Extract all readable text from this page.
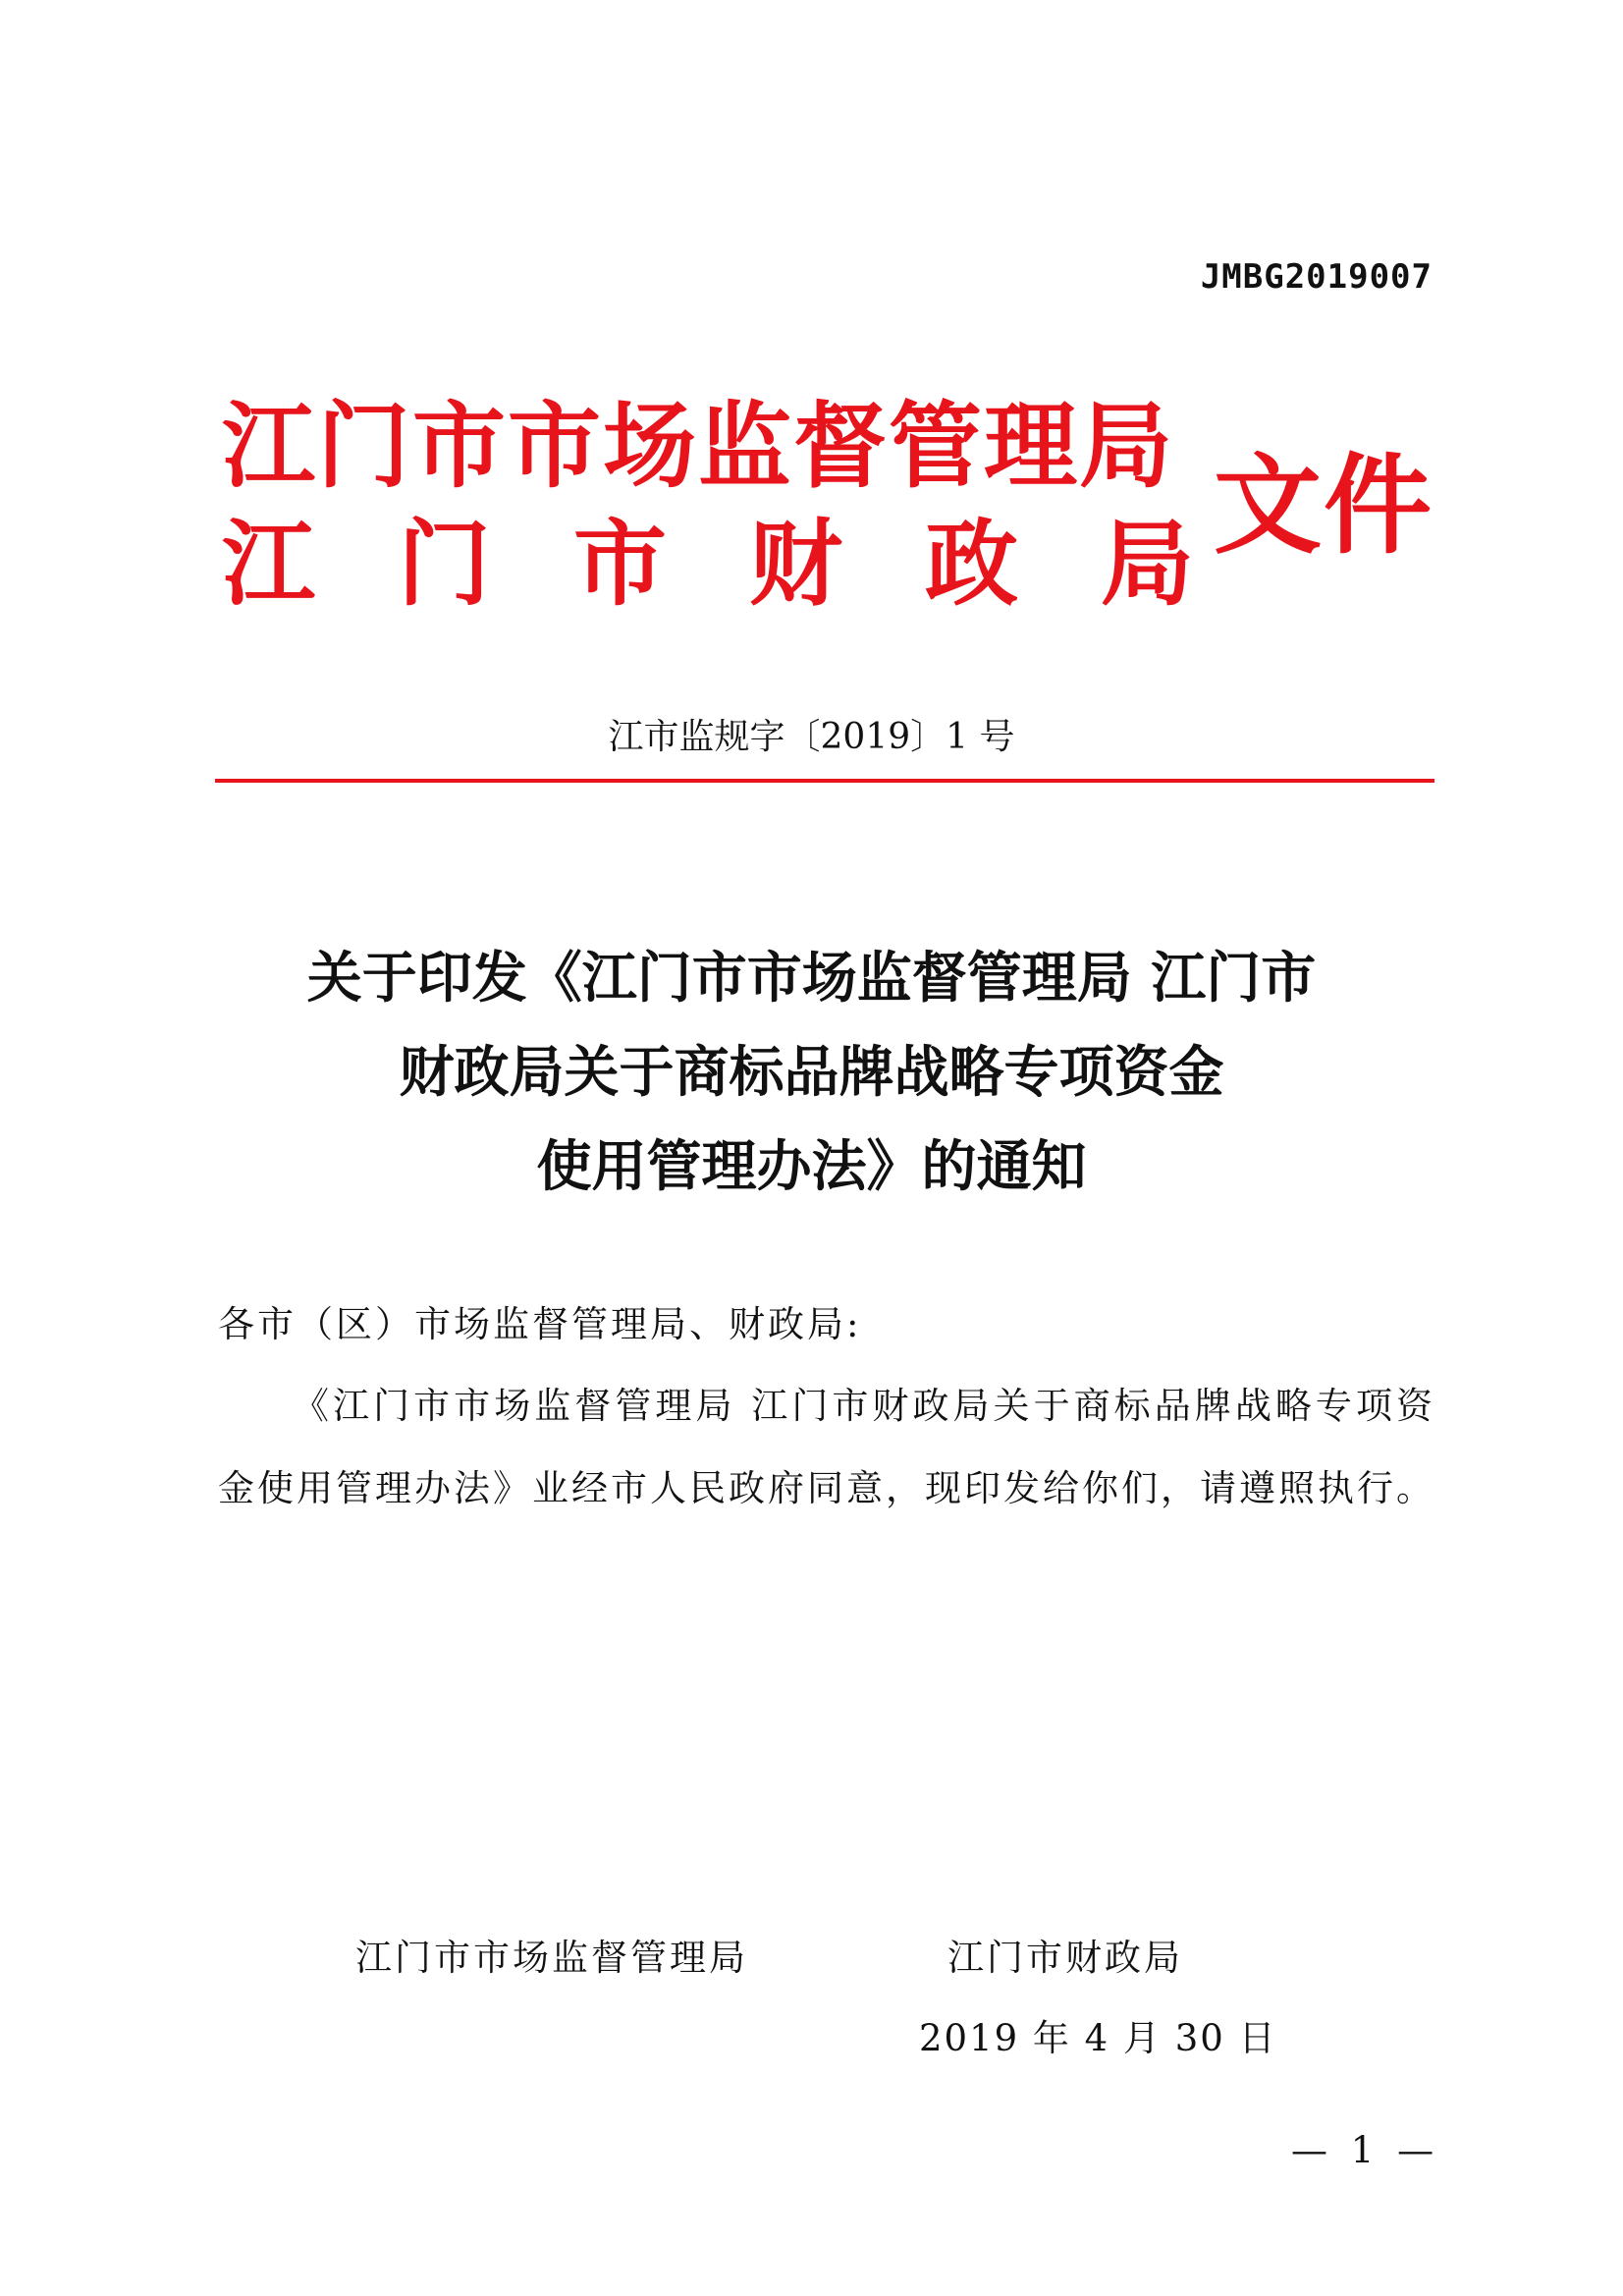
JMBG2019007
江门市市场监督管理局
江 门 市 财 政 局 文件
江市监规字〔2019〕1 号
关于印发《江门市市场监督管理局 江门市
财政局关于商标品牌战略专项资金
使用管理办法》的通知
各市（区）市场监督管理局、财政局:
《江门市市场监督管理局 江门市财政局关于商标品牌战略专项资金使用管理办法》业经市人民政府同意，现印发给你们，请遵照执行。
江门市市场监督管理局	江门市财政局
2019 年 4 月 30 日
— 1 —
